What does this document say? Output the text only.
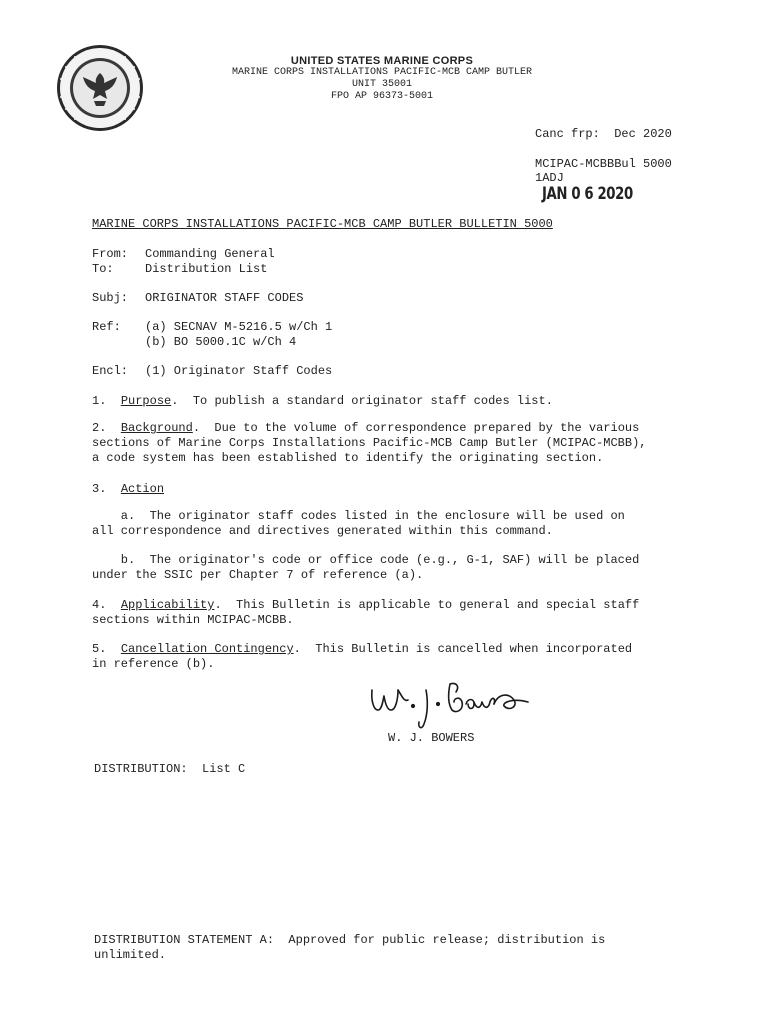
UNITED STATES MARINE CORPS
MARINE CORPS INSTALLATIONS PACIFIC-MCB CAMP BUTLER
UNIT 35001
FPO AP 96373-5001
Canc frp:  Dec 2020
MCIPAC-MCBBBul 5000
1ADJ
JAN 0 6 2020
MARINE CORPS INSTALLATIONS PACIFIC-MCB CAMP BUTLER BULLETIN 5000
From: Commanding General
To:	Distribution List
Subj: ORIGINATOR STAFF CODES
Ref: (a) SECNAV M-5216.5 w/Ch 1
(b) BO 5000.1C w/Ch 4
Encl: (1) Originator Staff Codes
1. Purpose.  To publish a standard originator staff codes list.
2. Background.  Due to the volume of correspondence prepared by the various
sections of Marine Corps Installations Pacific-MCB Camp Butler (MCIPAC-MCBB),
a code system has been established to identify the originating section.
3. Action
a.  The originator staff codes listed in the enclosure will be used on
all correspondence and directives generated within this command.
b.  The originator's code or office code (e.g., G-1, SAF) will be placed
under the SSIC per Chapter 7 of reference (a).
4. Applicability.  This Bulletin is applicable to general and special staff
sections within MCIPAC-MCBB.
5. Cancellation Contingency.  This Bulletin is cancelled when incorporated
in reference (b).
W. J. BOWERS
DISTRIBUTION:  List C
DISTRIBUTION STATEMENT A:  Approved for public release; distribution is
unlimited.
